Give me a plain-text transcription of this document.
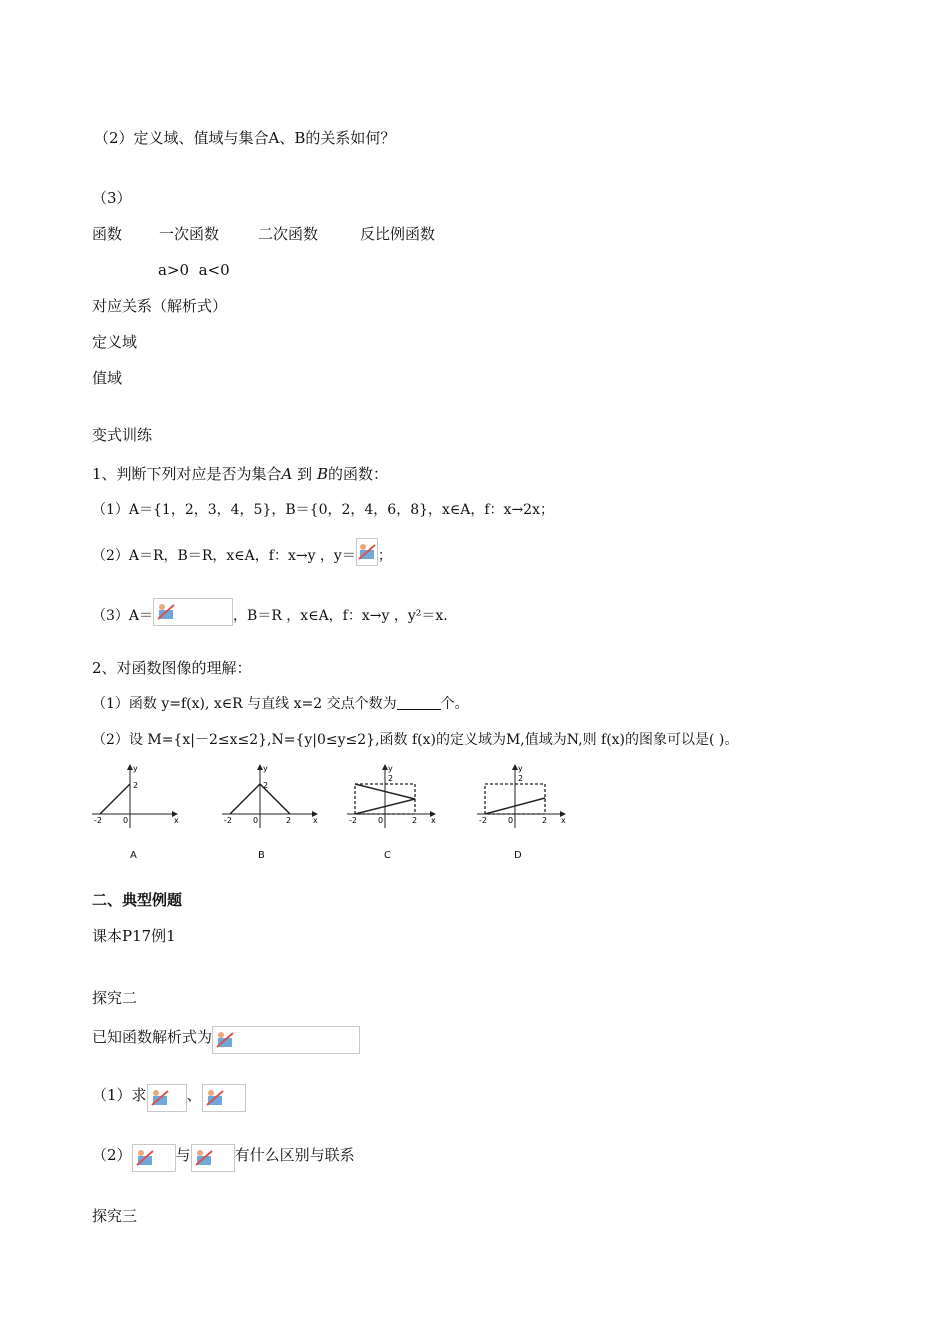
（2）定义域、值域与集合A、B的关系如何？
（3）
函数 一次函数	二次函数	反比例函数
a>0  a<0
对应关系（解析式）
定义域
值域
变式训练
1、判断下列对应是否为集合A 到 B的函数：
（1）A＝{1，2，3，4，5}，B＝{0，2，4，6，8}，x∈A，f：x→2x；
（2）A＝R，B＝R，x∈A，f：x→y ，y＝ ；
（3）A＝	，B＝R ，x∈A，f：x→y ，y²＝x.
2、对函数图像的理解：
（1）函数 y=f(x), x∈R 与直线 x=2 交点个数为	个。
（2）设 M={x|－2≤x≤2},N={y|0≤y≤2},函数 f(x)的定义域为M,值域为N,则 f(x)的图象可以是( )。
y
x
2
-2	0
A
y
x
2
-2	0	2
B
y
x
2
-2	0	2
C
y
x
2
-2	0	2
D
二、典型例题
课本P17例1
探究二
已知函数解析式为
（1）求	、
（2）	与	有什么区别与联系
探究三
